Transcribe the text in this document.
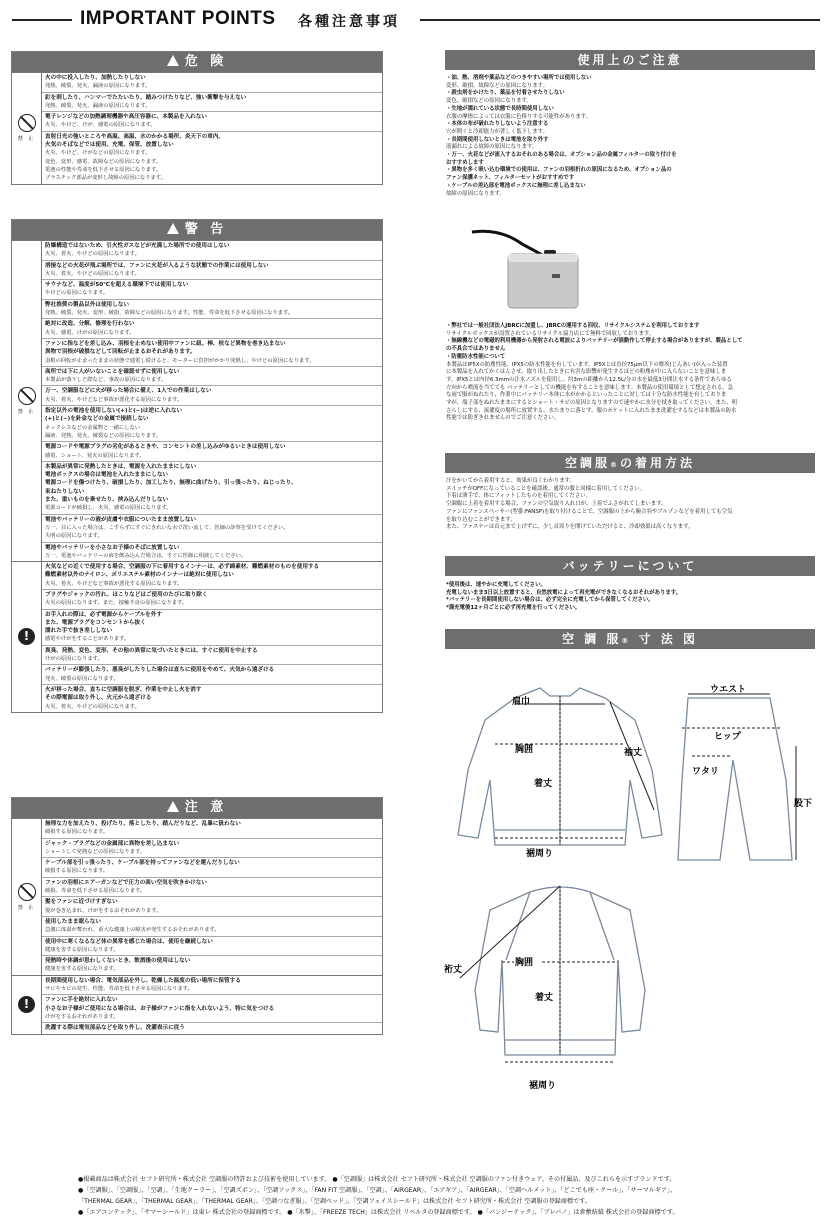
IMPORTANT POINTS 各種注意事項
危 険
禁 止
火の中に投入したり、加熱したりしない
発熱、破裂、発火、漏液の原因になります。
釘を刺したり、ハンマーでたたいたり、踏みつけたりなど、強い衝撃を与えない
発熱、破裂、発火、漏液の原因になります。
電子レンジなどの加熱調理機器や高圧容器に、本製品を入れない
火災、やけど、けが、感電の原因になります。
直射日光の強いところや高温、高温、水のかかる場所、炎天下の車内、
火気のそばなどでは使用、充電、保管、放置しない
火災、やけど、けがなどの原因になります。
変色、変形、感電、故障などの原因になります。
電池の性能や寿命を低下させる原因になります。
プラスチック部品が変形し故障の原因になります。
警 告
禁 止
防爆構造ではないため、引火性ガスなどが充満した場所での使用はしない
火災、着火、やけどの原因になります。
溶接などの火花が飛ぶ場所では、ファンに火花が入るような状態での作業には使用しない
火災、着火、やけどの原因になります。
サウナなど、温度が50℃を超える環境下では使用しない
やけどの原因になります。
弊社推奨の製品以外は使用しない
発熱、破裂、発火、変形、破損、故障などの原因になります。性能、寿命を低下させる原因になります。
絶対に改造、分解、修理を行わない
火災、感電、けがの原因になります。
ファンに指などを差し込み、羽根を止めない使用中ファンに紐、棒、枝など異物を巻き込まない
異物で羽根が破損などして回転が止まるおそれがあります。
羽根の回転が止まったままの状態で通電し続けると、モーターに負担がかかり発熱し、やけどの原因になります。
高所では下に人がいないことを確認せずに使用しない
本製品が落下した際など、事故の原因になります。
万一、空調服などに火が移った場合に備え、1人での作業はしない
火災、着火、やけどなど事故が悪化する原因になります。
指定以外の電池を使用しない(+)と(−)は逆に入れない
(+)と(−)を針金などの金属で接続しない
ネックレスなどの金属物と一緒にしない
漏液、発熱、発火、破裂などの原因になります。
電源コードや電源プラグの劣化があるときや、コンセントの差し込みがゆるいときは使用しない
感電、ショート、発火の原因になります。
本製品が異常に発熱したときは、電源を入れたままにしない
電池ボックスの場合は電池を入れたままにしない
電源コードを傷つけたり、破損したり、加工したり、無理に曲げたり、引っ張ったり、ねじったり、
束ねたりしない
また、重いものを乗せたり、挟み込んだりしない
電源コードが破損し、火災、感電の原因になります。
電池やバッテリーの液が皮膚や衣服についたまま放置しない
万一、目に入った場合は、こすらずにすぐにきれいな水で洗い流して、医師の診察を受けてください。
失明の原因になります。
電池やバッテリーを小さなお子様のそばに放置しない
万一、電池やバッテリーの液を飲み込んだ場合は、すぐに医師に相談してください。
!
火気などの近くで使用する場合、空調服の下に着用するインナーは、必ず綿素材、難燃素材のものを使用する
難燃素材以外のナイロン、ポリエステル素材のインナーは絶対に使用しない
火災、着火、やけどなど事故が悪化する原因になります。
プラグやジャックの汚れ、ほこりなどはご使用のたびに取り除く
火災の原因になります。また、接触不良の原因になります。
お手入れの際は、必ず電源からケーブルを外す
また、電源プラグをコンセントから抜く
濡れた手で抜き差ししない
感電やけがをすることがあります。
異臭、発熱、変色、変形、その他の異常に気づいたときには、すぐに使用を中止する
けがの原因になります。
バッテリーが膨張したり、悪臭がしたりした場合は直ちに使用をやめて、火気から遠ざける
発火、破裂の原因になります。
火が移った場合、直ちに空調服を脱ぎ、作業を中止し火を消す
その際電源は取り外し、火元から遠ざける
火災、着火、やけどの原因になります。
注 意
禁 止
無理な力を加えたり、投げたり、落としたり、踏んだりなど、乱暴に扱わない
破損する原因になります。
ジャック・プラグなどの金属部に異物を差し込まない
ショートして発熱などの原因になります。
ケーブル部を引っ張ったり、ケーブル部を持ってファンなどを運んだりしない
破損する原因になります。
ファンの羽根にエアーガンなどで圧力の高い空気を吹きかけない
破損、寿命を低下させる原因になります。
髪をファンに近づけすぎない
髪が巻き込まれ、けがをするおそれがあります。
使用したまま眠らない
急激に体温が奪われ、重大な健康上の障害が発生するおそれがあります。
使用中に寒くなるなど体の異常を感じた場合は、使用を継続しない
健康を害する原因になります。
発熱時や体調が思わしくないとき、飲酒後の使用はしない
健康を害する原因になります。
!
長期間使用しない場合、電気部品を外し、乾燥した温度の低い場所に保管する
サビやカビの発生、性能、寿命を低下させる原因になります。
ファンに手を絶対に入れない
小さなお子様がご使用になる場合は、お子様がファンに指を入れないよう、特に気をつける
けがをするおそれがあります。
洗濯する際は電気部品などを取り外し、洗濯表示に従う
使用上のご注意
・油、熱、溶剤や薬品などのつきやすい場所では使用しない
変形、破損、故障などの原因になります。
・殺虫剤をかけたり、薬品を付着させたりしない
変色、破損などの原因になります。
・生地が濡れている状態で長時間使用しない
衣服の摩擦によっては衣服に色移りする可能性があります。
・本体の布が破れたりしないよう注意する
穴が開くと冷却能力が著しく低下します。
・長期間使用しないときは電池を取り外す
液漏れによる故障の原因になります。
・万一、火花などが流入するおそれのある場合は、オプション品の金属フィルターの取り付けを
おすすめします
・異物を多く吸い込む環境での使用は、ファンの羽根折れの原因になるため、オプション品の
ファン保護ネット、フィルターセットがおすすめです
・ケーブルの差込部を電池ボックスに無理に差し込まない
故障の原因になります。
・弊社では一般社団法人JBRCに加盟し、JBRCの運用する回収、リサイクルシステムを利用しております
リサイクルボックスが設置されているリサイクル協力店にて無料で回収しております。
・無線機などの電磁的利用機器から発射される電波によりバッテリーが誤動作して停止する場合がありますが、製品として
の不具合ではありません
・防塵防水性能について
本製品はIP5Xの防塵性能、IPX5の防水性能を有しています。IP5Xとは直径75μm以下の塵埃(じんあい)が入った装置
に本製品を入れてかくはんさせ、取り出したときに有害な影響が発生するほどの粉塵が中に入らないことを意味しま
す。IPX5とは内径6.3mmの注水ノズルを使用し、約3mの距離から12.5L/分の水を最低3分間注水する条件であらゆる
方向から噴流を当てても バッテリーとしての機能を有することを意味します。本製品の使用環境として想定される、急
な雨で服がぬれたり、作業中にバッテリー本体に水がかかるといったことに対しては十分な防水性能を有しておりま
すが、端子部をぬれたままにするとショート・サビの原因となりますので速やかに水分を拭き取ってください。また、明
さらしにする、流濯度の場所に放置する、水たまりに落とす、服のポケットに入れたまま洗濯をするなどは本製品の防水
性能では防ぎきれませんのでご注意ください。
空調服®の着用方法
汗をかいてから着用すると、効果が良くわかります。
スイッチがOFFになっていることを確認後、通常の服と同様に着用してください。
下着は薄手で、体にフィットしたものを着用してください。
空調服に上着を着用する場合、ファンの空気取り入れ口が、上着でふさがれてしまいます。
ファンにファンスペーサー(型番:FANSP)を取り付けることで、空調服の上から腕合羽やブルゾンなどを着用しても空気
を取り込むことができます。
また、ファスナーは首元まで上げずに、少し首周りを開けていただけると、冷却効果は高くなります。
バッテリーについて
*使用後は、速やかに充電してください。
充電しないまま3日以上放置すると、自然放電によって再充電ができなくなるおそれがあります。
*バッテリーを長期間使用しない場合は、必ず完全に充電してから保管してください。
*満充電後12ヶ月ごとに必ず再充電を行ってください。
空 調 服® 寸 法 図
肩巾
胸囲	袖丈
着丈
裾周り
ウエスト
ヒップ
ワタリ
股下
裄丈
胸囲
着丈
裾周り
●掲載商品は株式会社 セフト研究所・株式会社 空調服の特許および技術を使用しています。 ●「空調服」は株式会社 セフト研究所・株式会社 空調服のファン付きウェア、その付属品、及びこれらを示すブランドです。
●「空調服」、「空調服」、「空調」、「生地クーラー」、「空調ズボン」、「空調ソックス」、「FAN FIT 空調服」、「空調」、「AIRGEAR」、「エアギア」、「AIRGEAR」、「空調ヘルメット」、「どこでも座・クール」、「サーマルギア」、
「THERMAL GEAR」、「THERMAL GEAR」、「THERMAL GEAR」、「空調つなぎ服」、「空調ベッド」、「空調フェイスシールド」は株式会社 セフト研究所・株式会社 空調服の登録商標です。
●「エアコンテック」、「サマーシールド」は東レ 株式会社の登録商標です。 ●「氷撃」、「FREEZE TECH」は株式会社 リベルタの登録商標です。 ●「バンジーテック」、「ブレバノ」は倉敷紡績 株式会社の登録商標です。
